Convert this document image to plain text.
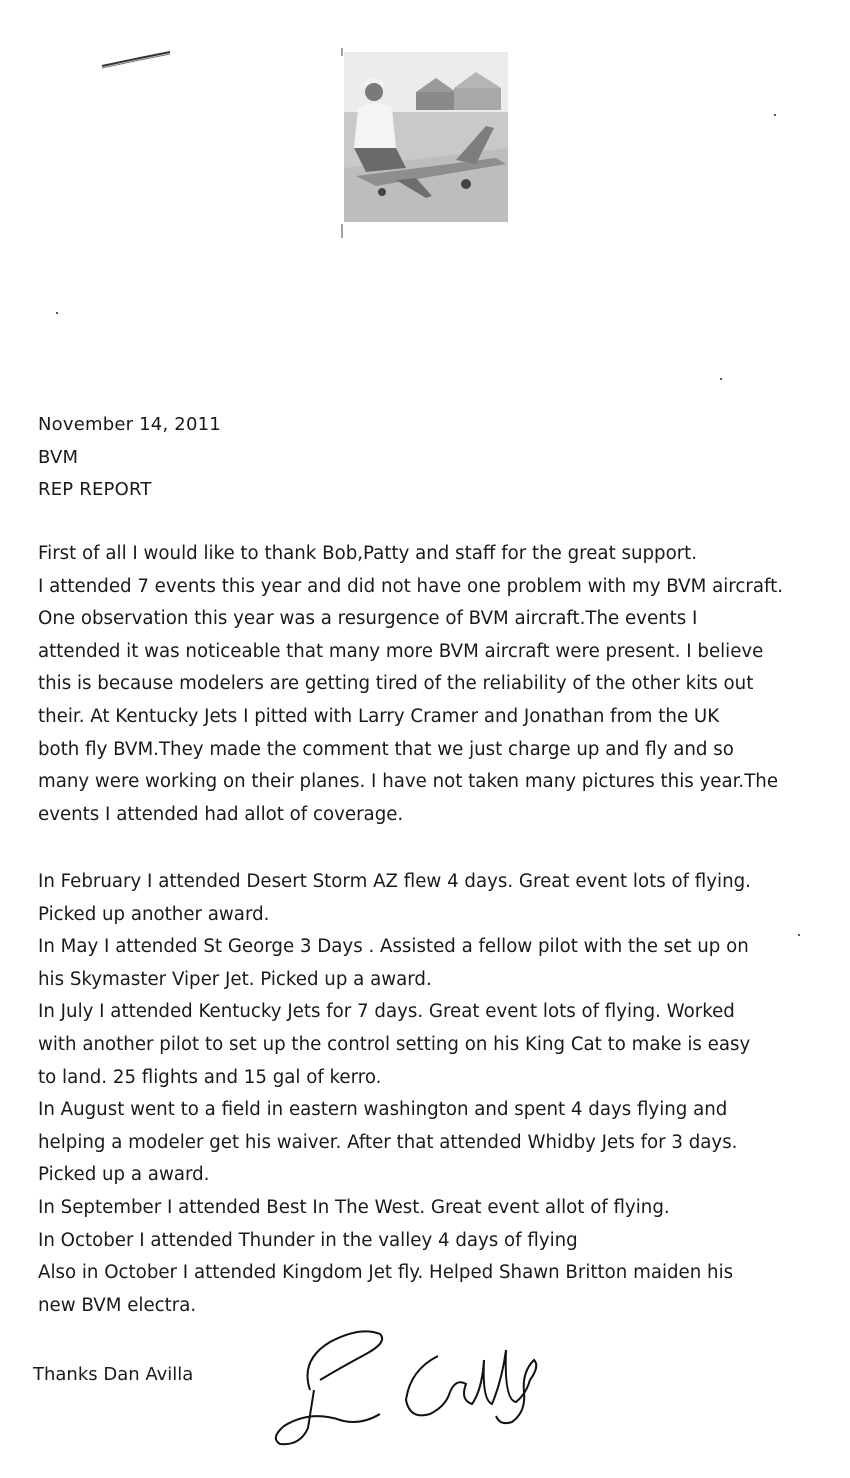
November 14, 2011
BVM
REP REPORT
First of all I would like to thank Bob,Patty and staff for the great support.
I attended 7 events this year and did not have one problem with my BVM aircraft.
One observation this year was a resurgence of BVM aircraft.The events I
attended it was noticeable that many more BVM aircraft were present. I believe
this is because modelers are getting tired of the reliability of the other kits out
their. At Kentucky Jets I pitted with Larry Cramer and Jonathan from the UK
both fly BVM.They made the comment that we just charge up and fly and so
many were working on their planes. I have not taken many pictures this year.The
events I attended had allot of coverage.
In February I attended Desert Storm AZ flew 4 days. Great event lots of flying.
Picked up another award.
In May I attended St George 3 Days . Assisted a fellow pilot with the set up on
his Skymaster Viper Jet. Picked up a award.
In July I attended Kentucky Jets for 7 days. Great event lots of flying. Worked
with another pilot to set up the control setting on his King Cat to make is easy
to land. 25 flights and 15 gal of kerro.
In August went to a field in eastern washington and spent 4 days flying and
helping a modeler get his waiver. After that attended Whidby Jets for 3 days.
Picked up a award.
In September I attended Best In The West. Great event allot of flying.
In October I attended Thunder in the valley 4 days of flying
Also in October I attended Kingdom Jet fly. Helped Shawn Britton maiden his
new BVM electra.
Thanks Dan Avilla
